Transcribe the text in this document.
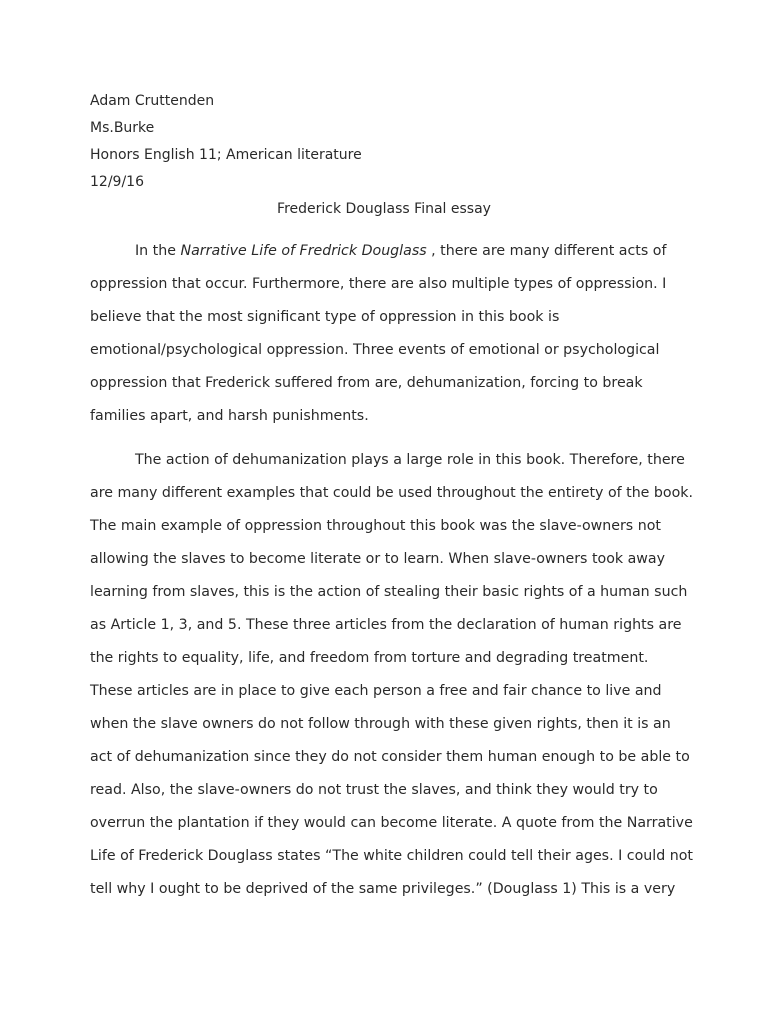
Adam Cruttenden
Ms.Burke
Honors English 11; American literature
12/9/16
Frederick Douglass Final essay
In the Narrative Life of Fredrick Douglass , there are many different acts of
oppression that occur. Furthermore, there are also multiple types of oppression. I
believe that the most significant type of oppression in this book is
emotional/psychological oppression. Three events of emotional or psychological
oppression that Frederick suffered from are, dehumanization, forcing to break
families apart, and harsh punishments.
The action of dehumanization plays a large role in this book. Therefore, there
are many different examples that could be used throughout the entirety of the book.
The main example of oppression throughout this book was the slave-owners not
allowing the slaves to become literate or to learn. When slave-owners took away
learning from slaves, this is the action of stealing their basic rights of a human such
as Article 1, 3, and 5. These three articles from the declaration of human rights are
the rights to equality, life, and freedom from torture and degrading treatment.
These articles are in place to give each person a free and fair chance to live and
when the slave owners do not follow through with these given rights, then it is an
act of dehumanization since they do not consider them human enough to be able to
read. Also, the slave-owners do not trust the slaves, and think they would try to
overrun the plantation if they would can become literate. A quote from the Narrative
Life of Frederick Douglass states “The white children could tell their ages. I could not
tell why I ought to be deprived of the same privileges.” (Douglass 1) This is a very
